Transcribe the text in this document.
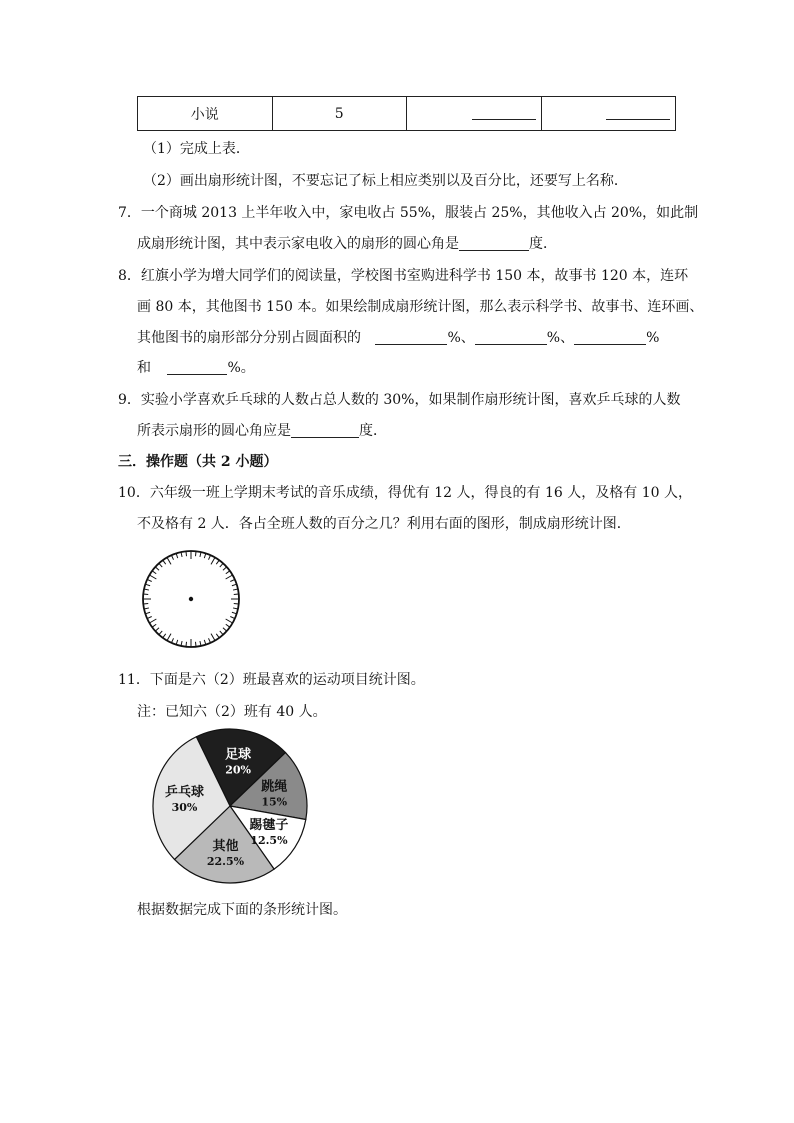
小说	5		
（1）完成上表．
（2）画出扇形统计图，不要忘记了标上相应类别以及百分比，还要写上名称．
7．一个商城 2013 上半年收入中，家电收占 55%，服装占 25%，其他收入占 20%，如此制
成扇形统计图，其中表示家电收入的扇形的圆心角是	度．
8．红旗小学为增大同学们的阅读量，学校图书室购进科学书 150 本，故事书 120 本，连环
画 80 本，其他图书 150 本。如果绘制成扇形统计图，那么表示科学书、故事书、连环画、
其他图书的扇形部分分别占圆面积的	%、	%、	%
和	%。
9．实验小学喜欢乒乓球的人数占总人数的 30%，如果制作扇形统计图，喜欢乒乓球的人数
所表示扇形的圆心角应是	度．
三．操作题（共 2 小题）
10．六年级一班上学期末考试的音乐成绩，得优有 12 人，得良的有 16 人，及格有 10 人，
不及格有 2 人．各占全班人数的百分之几？利用右面的图形，制成扇形统计图．
11．下面是六（2）班最喜欢的运动项目统计图。
注：已知六（2）班有 40 人。
足球
20%
跳绳
15%
踢毽子
12.5%
其他
22.5%
乒乓球
30%
根据数据完成下面的条形统计图。
